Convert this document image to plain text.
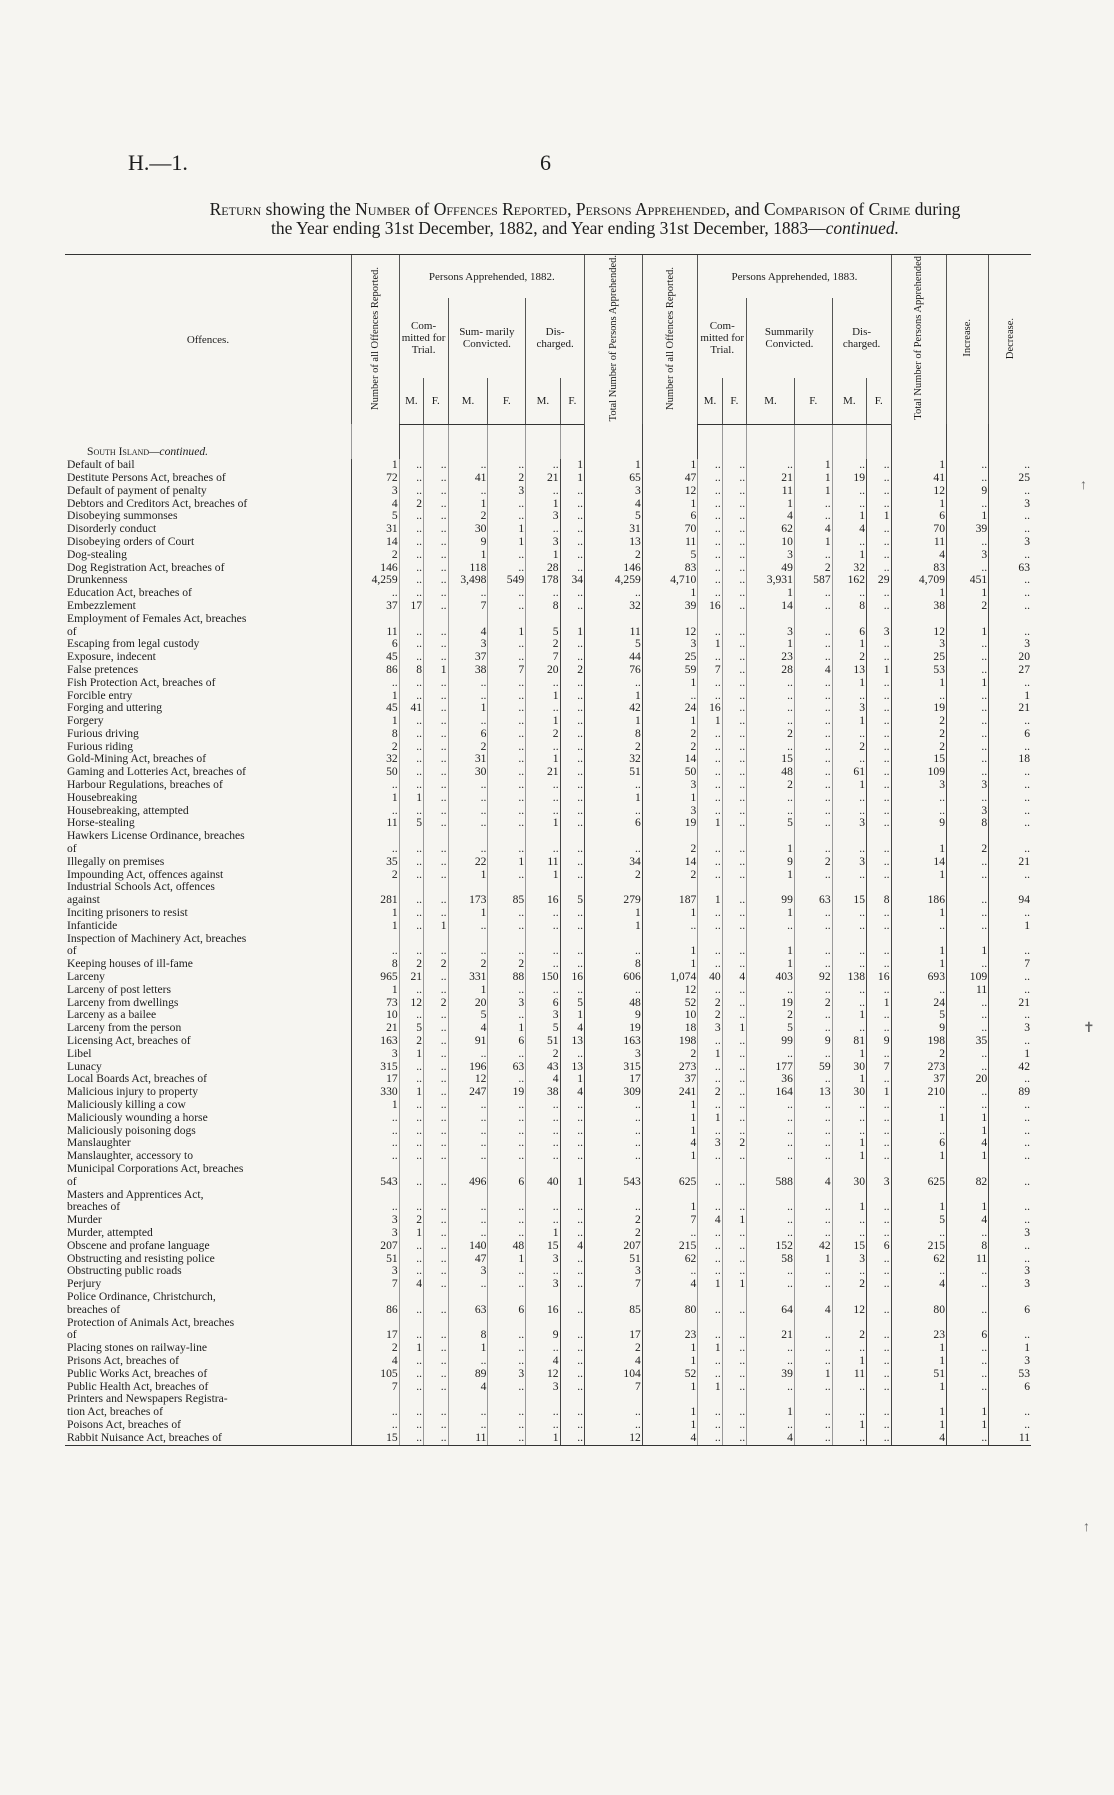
H.—1.	6
Return showing the Number of Offences Reported, Persons Apprehended, and Comparison of Crime during
the Year ending 31st December, 1882, and Year ending 31st December, 1883—continued.
Offences.	Number of all Offences Reported.	Persons Apprehended, 1882.						Total Number of Persons Apprehended.	Number of all Offences Reported.	Persons Apprehended, 1883.						Total Number of Persons Apprehended	Increase.	Decrease.
		Com- mitted for Trial.		Sum- marily Convicted.		Dis- charged.				Com- mitted for Trial.		Summarily Convicted.		Dis- charged.				
		M.	F.	M.	F.	M.	F.			M.	F.	M.	F.	M.	F.			

South Island—continued.																		
Default of bail	1	..	..	..	..	..	1	1	1	..	..	..	1	..	..	1	..	..
Destitute Persons Act, breaches of	72	..	..	41	2	21	1	65	47	..	..	21	1	19	..	41	..	25
Default of payment of penalty	3	..	..	..	3	..	..	3	12	..	..	11	1	..	..	12	9	..
Debtors and Creditors Act, breaches of	4	2	..	1	..	1	..	4	1	..	..	1	..	..	..	1	..	3
Disobeying summonses	5	..	..	2	..	3	..	5	6	..	..	4	..	1	1	6	1	..
Disorderly conduct	31	..	..	30	1	..	..	31	70	..	..	62	4	4	..	70	39	..
Disobeying orders of Court	14	..	..	9	1	3	..	13	11	..	..	10	1	..	..	11	..	3
Dog-stealing	2	..	..	1	..	1	..	2	5	..	..	3	..	1	..	4	3	..
Dog Registration Act, breaches of	146	..	..	118	..	28	..	146	83	..	..	49	2	32	..	83	..	63
Drunkenness	4,259	..	..	3,498	549	178	34	4,259	4,710	..	..	3,931	587	162	29	4,709	451	..
Education Act, breaches of	..	..	..	..	..	..	..	..	1	..	..	1	..	..	..	1	1	..
Embezzlement	37	17	..	7	..	8	..	32	39	16	..	14	..	8	..	38	2	..
Employment of Females Act, breaches																		
of	11	..	..	4	1	5	1	11	12	..	..	3	..	6	3	12	1	..
Escaping from legal custody	6	..	..	3	..	2	..	5	3	1	..	1	..	1	..	3	..	3
Exposure, indecent	45	..	..	37	..	7	..	44	25	..	..	23	..	2	..	25	..	20
False pretences	86	8	1	38	7	20	2	76	59	7	..	28	4	13	1	53	..	27
Fish Protection Act, breaches of	..	..	..	..	..	..	..	..	1	..	..	..	..	1	..	1	1	..
Forcible entry	1	..	..	..	..	1	..	1	..	..	..	..	..	..	..	..	..	1
Forging and uttering	45	41	..	1	..	..	..	42	24	16	..	..	..	3	..	19	..	21
Forgery	1	..	..	..	..	1	..	1	1	1	..	..	..	1	..	2	..	..
Furious driving	8	..	..	6	..	2	..	8	2	..	..	2	..	..	..	2	..	6
Furious riding	2	..	..	2	..	..	..	2	2	..	..	..	..	2	..	2	..	..
Gold-Mining Act, breaches of	32	..	..	31	..	1	..	32	14	..	..	15	..	..	..	15	..	18
Gaming and Lotteries Act, breaches of	50	..	..	30	..	21	..	51	50	..	..	48	..	61	..	109	..	..
Harbour Regulations, breaches of	..	..	..	..	..	..	..	..	3	..	..	2	..	1	..	3	3	..
Housebreaking	1	1	..	..	..	..	..	1	1	..	..	..	..	..	..	..	..	..
Housebreaking, attempted	..	..	..	..	..	..	..	..	3	..	..	..	..	..	..	..	3	..
Horse-stealing	11	5	..	..	..	1	..	6	19	1	..	5	..	3	..	9	8	..
Hawkers License Ordinance, breaches																		
of	..	..	..	..	..	..	..	..	2	..	..	1	..	..	..	1	2	..
Illegally on premises	35	..	..	22	1	11	..	34	14	..	..	9	2	3	..	14	..	21
Impounding Act, offences against	2	..	..	1	..	1	..	2	2	..	..	1	..	..	..	1	..	..
Industrial Schools Act, offences																		
against	281	..	..	173	85	16	5	279	187	1	..	99	63	15	8	186	..	94
Inciting prisoners to resist	1	..	..	1	..	..	..	1	1	..	..	1	..	..	..	1	..	..
Infanticide	1	..	1	..	..	..	..	1	..	..	..	..	..	..	..	..	..	1
Inspection of Machinery Act, breaches																		
of	..	..	..	..	..	..	..	..	1	..	..	1	..	..	..	1	1	..
Keeping houses of ill-fame	8	2	2	2	2	..	..	8	1	..	..	1	..	..	..	1	..	7
Larceny	965	21	..	331	88	150	16	606	1,074	40	4	403	92	138	16	693	109	..
Larceny of post letters	1	..	..	1	..	..	..	..	12	..	..	..	..	..	..	..	11	..
Larceny from dwellings	73	12	2	20	3	6	5	48	52	2	..	19	2	..	1	24	..	21
Larceny as a bailee	10	..	..	5	..	3	1	9	10	2	..	2	..	1	..	5	..	..
Larceny from the person	21	5	..	4	1	5	4	19	18	3	1	5	..	..	..	9	..	3
Licensing Act, breaches of	163	2	..	91	6	51	13	163	198	..	..	99	9	81	9	198	35	..
Libel	3	1	..	..	..	2	..	3	2	1	..	..	..	1	..	2	..	1
Lunacy	315	..	..	196	63	43	13	315	273	..	..	177	59	30	7	273	..	42
Local Boards Act, breaches of	17	..	..	12	..	4	1	17	37	..	..	36	..	1	..	37	20	..
Malicious injury to property	330	1	..	247	19	38	4	309	241	2	..	164	13	30	1	210	..	89
Maliciously killing a cow	1	..	..	..	..	..	..	..	1	..	..	..	..	..	..	..	..	..
Maliciously wounding a horse	..	..	..	..	..	..	..	..	1	1	..	..	..	..	..	1	1	..
Maliciously poisoning dogs	..	..	..	..	..	..	..	..	1	..	..	..	..	..	..	..	1	..
Manslaughter	..	..	..	..	..	..	..	..	4	3	2	..	..	1	..	6	4	..
Manslaughter, accessory to	..	..	..	..	..	..	..	..	1	..	..	..	..	1	..	1	1	..
Municipal Corporations Act, breaches																		
of	543	..	..	496	6	40	1	543	625	..	..	588	4	30	3	625	82	..
Masters and Apprentices Act,																		
breaches of	..	..	..	..	..	..	..	..	1	..	..	..	..	1	..	1	1	..
Murder	3	2	..	..	..	..	..	2	7	4	1	..	..	..	..	5	4	..
Murder, attempted	3	1	..	..	..	1	..	2	..	..	..	..	..	..	..	..	..	3
Obscene and profane language	207	..	..	140	48	15	4	207	215	..	..	152	42	15	6	215	8	..
Obstructing and resisting police	51	..	..	47	1	3	..	51	62	..	..	58	1	3	..	62	11	..
Obstructing public roads	3	..	..	3	..	..	..	3	..	..	..	..	..	..	..	..	..	3
Perjury	7	4	..	..	..	3	..	7	4	1	1	..	..	2	..	4	..	3
Police Ordinance, Christchurch,																		
breaches of	86	..	..	63	6	16	..	85	80	..	..	64	4	12	..	80	..	6
Protection of Animals Act, breaches																		
of	17	..	..	8	..	9	..	17	23	..	..	21	..	2	..	23	6	..
Placing stones on railway-line	2	1	..	1	..	..	..	2	1	1	..	..	..	..	..	1	..	1
Prisons Act, breaches of	4	..	..	..	..	4	..	4	1	..	..	..	..	1	..	1	..	3
Public Works Act, breaches of	105	..	..	89	3	12	..	104	52	..	..	39	1	11	..	51	..	53
Public Health Act, breaches of	7	..	..	4	..	3	..	7	1	1	..	..	..	..	..	1	..	6
Printers and Newspapers Registra-																		
tion Act, breaches of	..	..	..	..	..	..	..	..	1	..	..	1	..	..	..	1	1	..
Poisons Act, breaches of	..	..	..	..	..	..	..	..	1	..	..	..	..	1	..	1	1	..
Rabbit Nuisance Act, breaches of	15	..	..	11	..	1	..	12	4	..	..	4	..	..	..	4	..	11
↑
✝
↑
